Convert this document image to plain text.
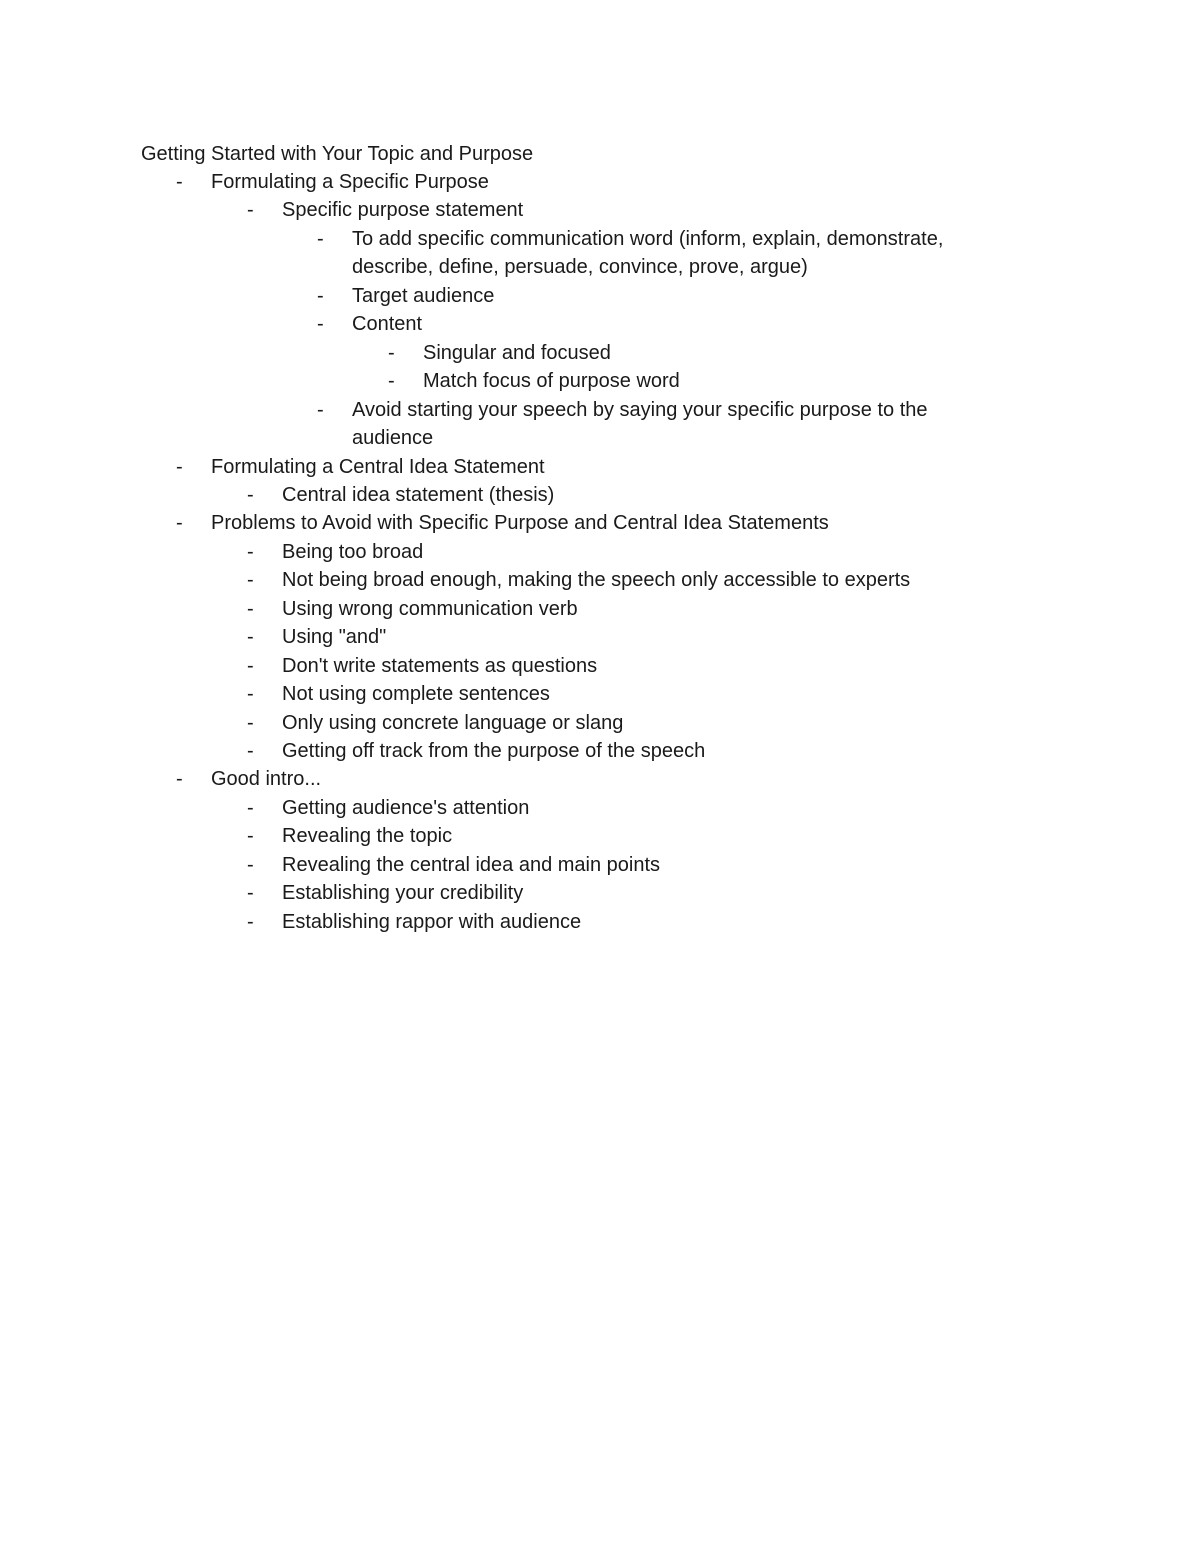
Getting Started with Your Topic and Purpose
-	Formulating a Specific Purpose
-	Specific purpose statement
-	To add specific communication word (inform, explain, demonstrate,
describe, define, persuade, convince, prove, argue)
-	Target audience
-	Content
-	Singular and focused
-	Match focus of purpose word
-	Avoid starting your speech by saying your specific purpose to the
audience
-	Formulating a Central Idea Statement
-	Central idea statement (thesis)
-	Problems to Avoid with Specific Purpose and Central Idea Statements
-	Being too broad
-	Not being broad enough, making the speech only accessible to experts
-	Using wrong communication verb
-	Using "and"
-	Don't write statements as questions
-	Not using complete sentences
-	Only using concrete language or slang
-	Getting off track from the purpose of the speech
-	Good intro...
-	Getting audience's attention
-	Revealing the topic
-	Revealing the central idea and main points
-	Establishing your credibility
-	Establishing rappor with audience
